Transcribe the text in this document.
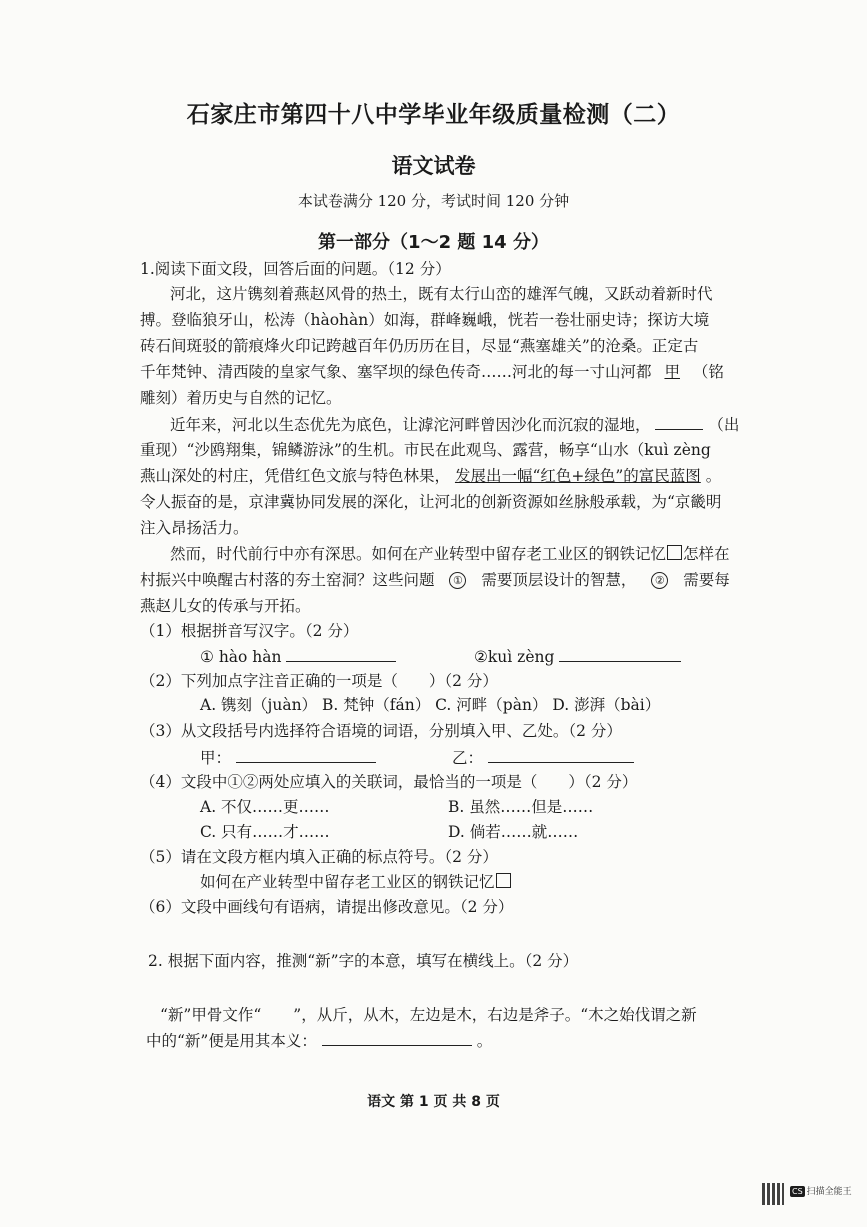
石家庄市第四十八中学毕业年级质量检测（二）
语文试卷
本试卷满分 120 分，考试时间 120 分钟
第一部分（1～2 题 14 分）
1.阅读下面文段，回答后面的问题。（12 分）
河北，这片镌刻着燕赵风骨的热土，既有太行山峦的雄浑气魄，又跃动着新时代
搏。登临狼牙山，松涛（hàohàn）如海，群峰巍峨，恍若一卷壮丽史诗；探访大境
砖石间斑驳的箭痕烽火印记跨越百年仍历历在目，尽显“燕塞雄关”的沧桑。正定古
千年梵钟、清西陵的皇家气象、塞罕坝的绿色传奇……河北的每一寸山河都 甲 （铭
雕刻）着历史与自然的记忆。
近年来，河北以生态优先为底色，让滹沱河畔曾因沙化而沉寂的湿地，	（出
重现）“沙鸥翔集，锦鳞游泳”的生机。市民在此观鸟、露营，畅享“山水（kuì zèng
燕山深处的村庄，凭借红色文旅与特色林果， 发展出一幅“红色+绿色”的富民蓝图 。
令人振奋的是，京津冀协同发展的深化，让河北的创新资源如丝脉般承载，为“京畿明
注入昂扬活力。
然而，时代前行中亦有深思。如何在产业转型中留存老工业区的钢铁记忆 怎样在
村振兴中唤醒古村落的夯土窑洞？这些问题 ① 需要顶层设计的智慧， ② 需要每
燕赵儿女的传承与开拓。
（1）根据拼音写汉字。（2 分）
① hào hàn	②kuì zèng
（2）下列加点字注音正确的一项是（　　）（2 分）
A. 镌刻（juàn） B. 梵钟（fán） C. 河畔（pàn） D. 澎湃（bài）
（3）从文段括号内选择符合语境的词语，分别填入甲、乙处。（2 分）
甲：	乙：
（4）文段中①②两处应填入的关联词，最恰当的一项是（　　）（2 分）
A. 不仅……更……	B. 虽然……但是……
C. 只有……才……	D. 倘若……就……
（5）请在文段方框内填入正确的标点符号。（2 分）
如何在产业转型中留存老工业区的钢铁记忆
（6）文段中画线句有语病，请提出修改意见。（2 分）
2. 根据下面内容，推测“新”字的本意，填写在横线上。（2 分）
“新”甲骨文作“ ”，从斤，从木，左边是木，右边是斧子。“木之始伐谓之新
中的“新”便是用其本义：	。
语文 第 1 页 共 8 页
CS 扫描全能王
